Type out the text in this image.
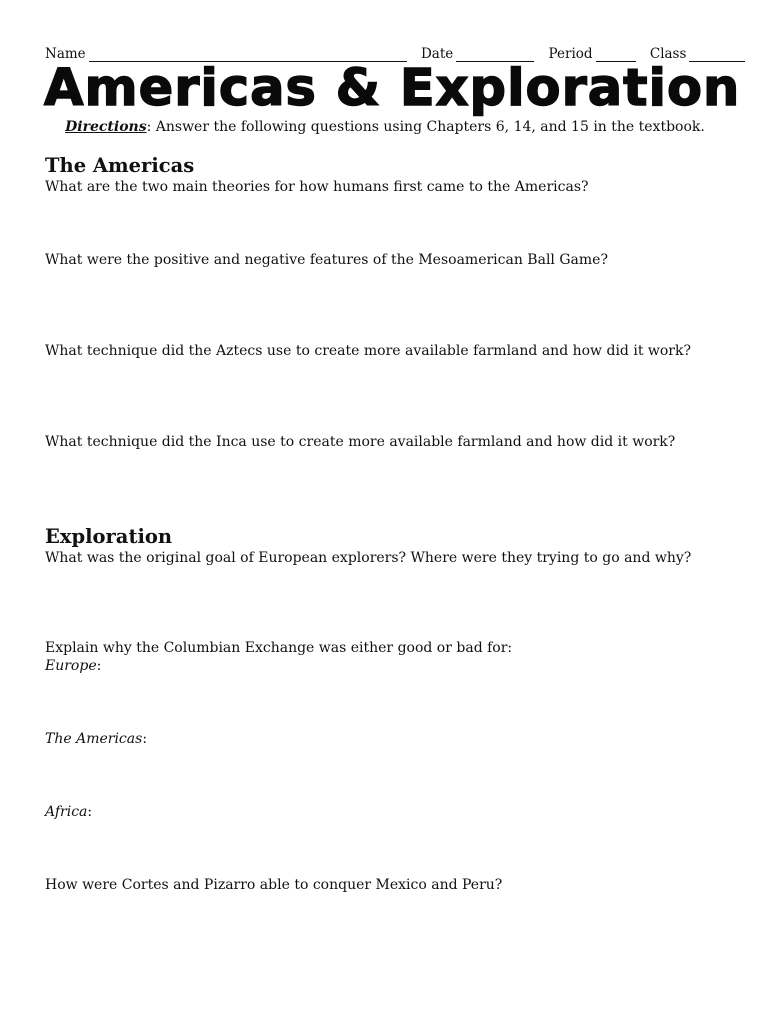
Name
	Date
	Period
	Class
Americas & Exploration
Directions: Answer the following questions using Chapters 6, 14, and 15 in the textbook.
The Americas
What are the two main theories for how humans first came to the Americas?
What were the positive and negative features of the Mesoamerican Ball Game?
What technique did the Aztecs use to create more available farmland and how did it work?
What technique did the Inca use to create more available farmland and how did it work?
Exploration
What was the original goal of European explorers? Where were they trying to go and why?
Explain why the Columbian Exchange was either good or bad for:
Europe:
The Americas:
Africa:
How were Cortes and Pizarro able to conquer Mexico and Peru?
